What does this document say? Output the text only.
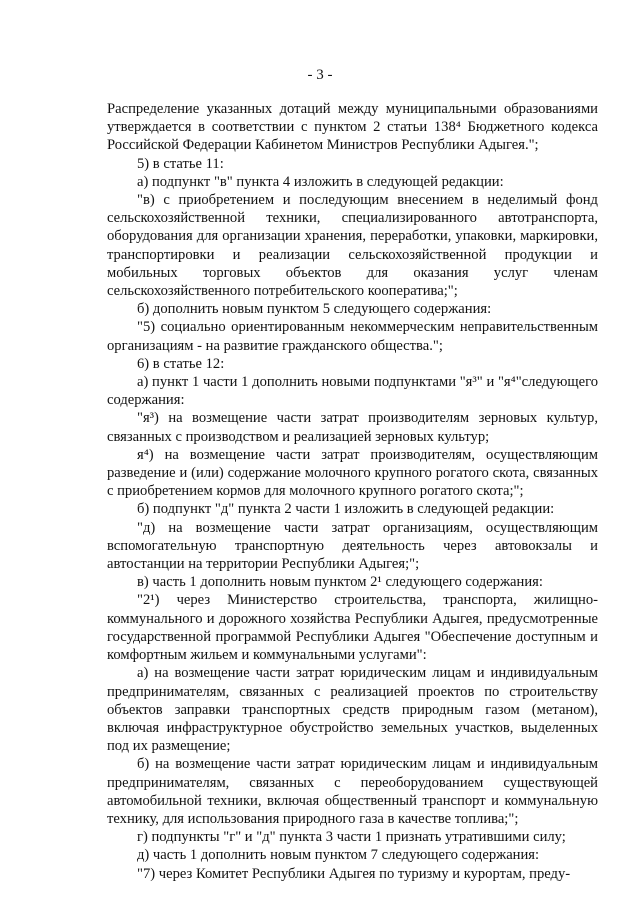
- 3 -

Распределение указанных дотаций между муниципальными образованиями утверждается в соответствии с пунктом 2 статьи 138⁴ Бюджетного кодекса Российской Федерации Кабинетом Министров Республики Адыгея.";

5) в статье 11:

а) подпункт "в" пункта 4 изложить в следующей редакции:

"в) с приобретением и последующим внесением в неделимый фонд сельскохозяйственной техники, специализированного автотранспорта, оборудования для организации хранения, переработки, упаковки, маркировки, транспортировки и реализации сельскохозяйственной продукции и мобильных торговых объектов для оказания услуг членам сельскохозяйственного потребительского кооператива;";

б) дополнить новым пунктом 5 следующего содержания:

"5) социально ориентированным некоммерческим неправительственным организациям - на развитие гражданского общества.";

6) в статье 12:

а) пункт 1 части 1 дополнить новыми подпунктами "я³" и "я⁴"следующего содержания:

"я³) на возмещение части затрат производителям зерновых культур, связанных с производством и реализацией зерновых культур;

я⁴) на возмещение части затрат производителям, осуществляющим разведение и (или) содержание молочного крупного рогатого скота, связанных с приобретением кормов для молочного крупного рогатого скота;";

б) подпункт "д" пункта 2 части 1 изложить в следующей редакции:

"д) на возмещение части затрат организациям, осуществляющим вспомогательную транспортную деятельность через автовокзалы и автостанции на территории Республики Адыгея;";

в) часть 1 дополнить новым пунктом 2¹ следующего содержания:

"2¹) через Министерство строительства, транспорта, жилищно-коммунального и дорожного хозяйства Республики Адыгея, предусмотренные государственной программой Республики Адыгея "Обеспечение доступным и комфортным жильем и коммунальными услугами":

а) на возмещение части затрат юридическим лицам и индивидуальным предпринимателям, связанных с реализацией проектов по строительству объектов заправки транспортных средств природным газом (метаном), включая инфраструктурное обустройство земельных участков, выделенных под их размещение;

б) на возмещение части затрат юридическим лицам и индивидуальным предпринимателям, связанных с переоборудованием существующей автомобильной техники, включая общественный транспорт и коммунальную технику, для использования природного газа в качестве топлива;";

г) подпункты "г" и "д" пункта 3 части 1 признать утратившими силу;

д) часть 1 дополнить новым пунктом 7 следующего содержания:

"7) через Комитет Республики Адыгея по туризму и курортам, преду-
